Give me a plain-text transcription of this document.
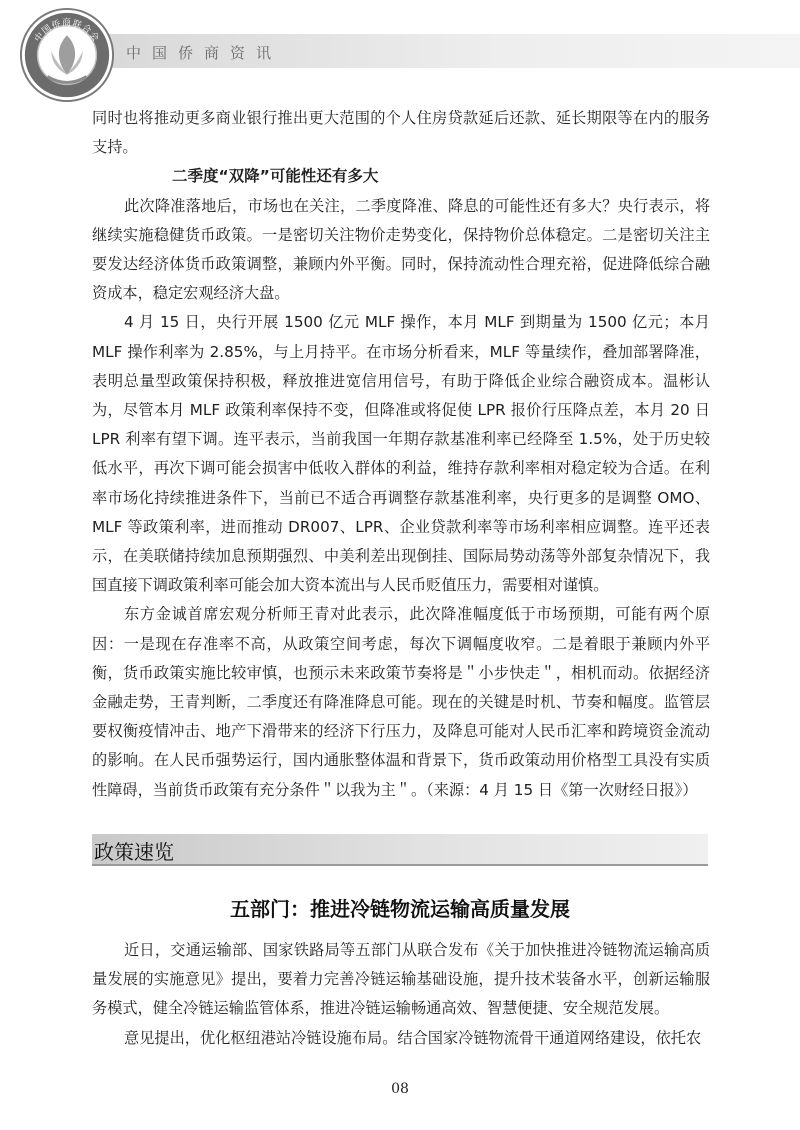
中国侨商资讯
中国侨商联合会

同时也将推动更多商业银行推出更大范围的个人住房贷款延后还款、延长期限等在内的服务支持。

二季度“双降”可能性还有多大

此次降准落地后，市场也在关注，二季度降准、降息的可能性还有多大？央行表示，将继续实施稳健货币政策。一是密切关注物价走势变化，保持物价总体稳定。二是密切关注主要发达经济体货币政策调整，兼顾内外平衡。同时，保持流动性合理充裕，促进降低综合融资成本，稳定宏观经济大盘。

4 月 15 日，央行开展 1500 亿元 MLF 操作，本月 MLF 到期量为 1500 亿元；本月 MLF 操作利率为 2.85%，与上月持平。在市场分析看来，MLF 等量续作，叠加部署降准，表明总量型政策保持积极，释放推进宽信用信号，有助于降低企业综合融资成本。温彬认为，尽管本月 MLF 政策利率保持不变，但降准或将促使 LPR 报价行压降点差，本月 20 日 LPR 利率有望下调。连平表示，当前我国一年期存款基准利率已经降至 1.5%，处于历史较低水平，再次下调可能会损害中低收入群体的利益，维持存款利率相对稳定较为合适。在利率市场化持续推进条件下，当前已不适合再调整存款基准利率，央行更多的是调整 OMO、MLF 等政策利率，进而推动 DR007、LPR、企业贷款利率等市场利率相应调整。连平还表示，在美联储持续加息预期强烈、中美利差出现倒挂、国际局势动荡等外部复杂情况下，我国直接下调政策利率可能会加大资本流出与人民币贬值压力，需要相对谨慎。

东方金诚首席宏观分析师王青对此表示，此次降准幅度低于市场预期，可能有两个原因：一是现在存准率不高，从政策空间考虑，每次下调幅度收窄。二是着眼于兼顾内外平衡，货币政策实施比较审慎，也预示未来政策节奏将是＂小步快走＂，相机而动。依据经济金融走势，王青判断，二季度还有降准降息可能。现在的关键是时机、节奏和幅度。监管层要权衡疫情冲击、地产下滑带来的经济下行压力，及降息可能对人民币汇率和跨境资金流动的影响。在人民币强势运行，国内通胀整体温和背景下，货币政策动用价格型工具没有实质性障碍，当前货币政策有充分条件＂以我为主＂。（来源：4 月 15 日《第一次财经日报》）

政策速览
五部门：推进冷链物流运输高质量发展

近日，交通运输部、国家铁路局等五部门从联合发布《关于加快推进冷链物流运输高质量发展的实施意见》提出，要着力完善冷链运输基础设施，提升技术装备水平，创新运输服务模式，健全冷链运输监管体系，推进冷链运输畅通高效、智慧便捷、安全规范发展。

意见提出，优化枢纽港站冷链设施布局。结合国家冷链物流骨干通道网络建设，依托农

08
